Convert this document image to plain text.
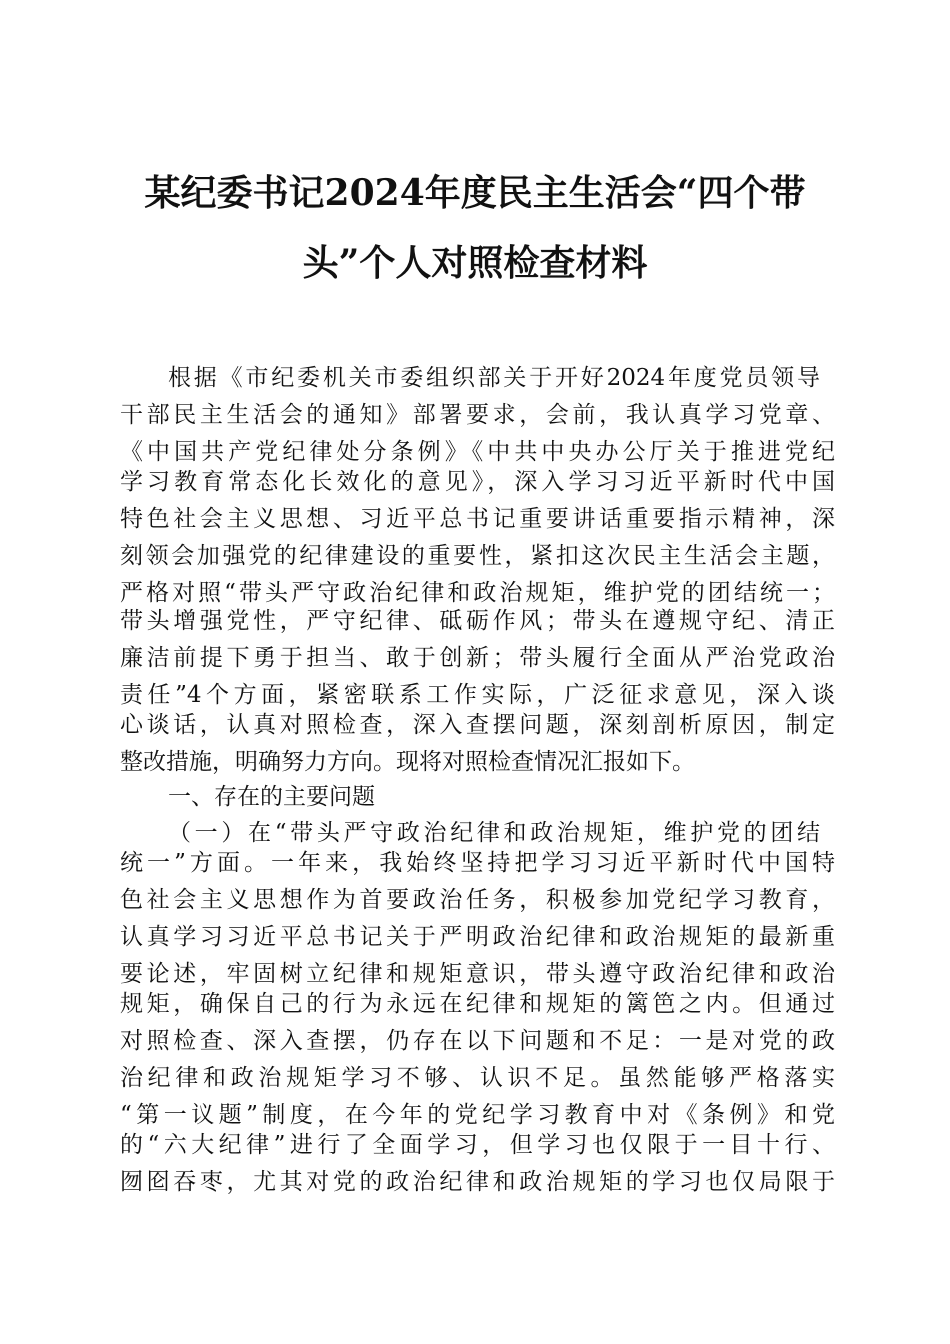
某纪委书记2024年度民主生活会“四个带
头”个人对照检查材料
根据《市纪委机关市委组织部关于开好2024年度党员领导
干部民主生活会的通知》部署要求，会前，我认真学习党章、
《中国共产党纪律处分条例》《中共中央办公厅关于推进党纪
学习教育常态化长效化的意见》，深入学习习近平新时代中国
特色社会主义思想、习近平总书记重要讲话重要指示精神，深
刻领会加强党的纪律建设的重要性，紧扣这次民主生活会主题，
严格对照“带头严守政治纪律和政治规矩，维护党的团结统一；
带头增强党性，严守纪律、砥砺作风；带头在遵规守纪、清正
廉洁前提下勇于担当、敢于创新；带头履行全面从严治党政治
责任”4个方面，紧密联系工作实际，广泛征求意见，深入谈
心谈话，认真对照检查，深入查摆问题，深刻剖析原因，制定
整改措施，明确努力方向。现将对照检查情况汇报如下。
一、存在的主要问题
（一）在“带头严守政治纪律和政治规矩，维护党的团结
统一”方面。一年来，我始终坚持把学习习近平新时代中国特
色社会主义思想作为首要政治任务，积极参加党纪学习教育，
认真学习习近平总书记关于严明政治纪律和政治规矩的最新重
要论述，牢固树立纪律和规矩意识，带头遵守政治纪律和政治
规矩，确保自己的行为永远在纪律和规矩的篱笆之内。但通过
对照检查、深入查摆，仍存在以下问题和不足：一是对党的政
治纪律和政治规矩学习不够、认识不足。虽然能够严格落实
“第一议题”制度，在今年的党纪学习教育中对《条例》和党
的“六大纪律”进行了全面学习，但学习也仅限于一目十行、
囫囵吞枣，尤其对党的政治纪律和政治规矩的学习也仅局限于
